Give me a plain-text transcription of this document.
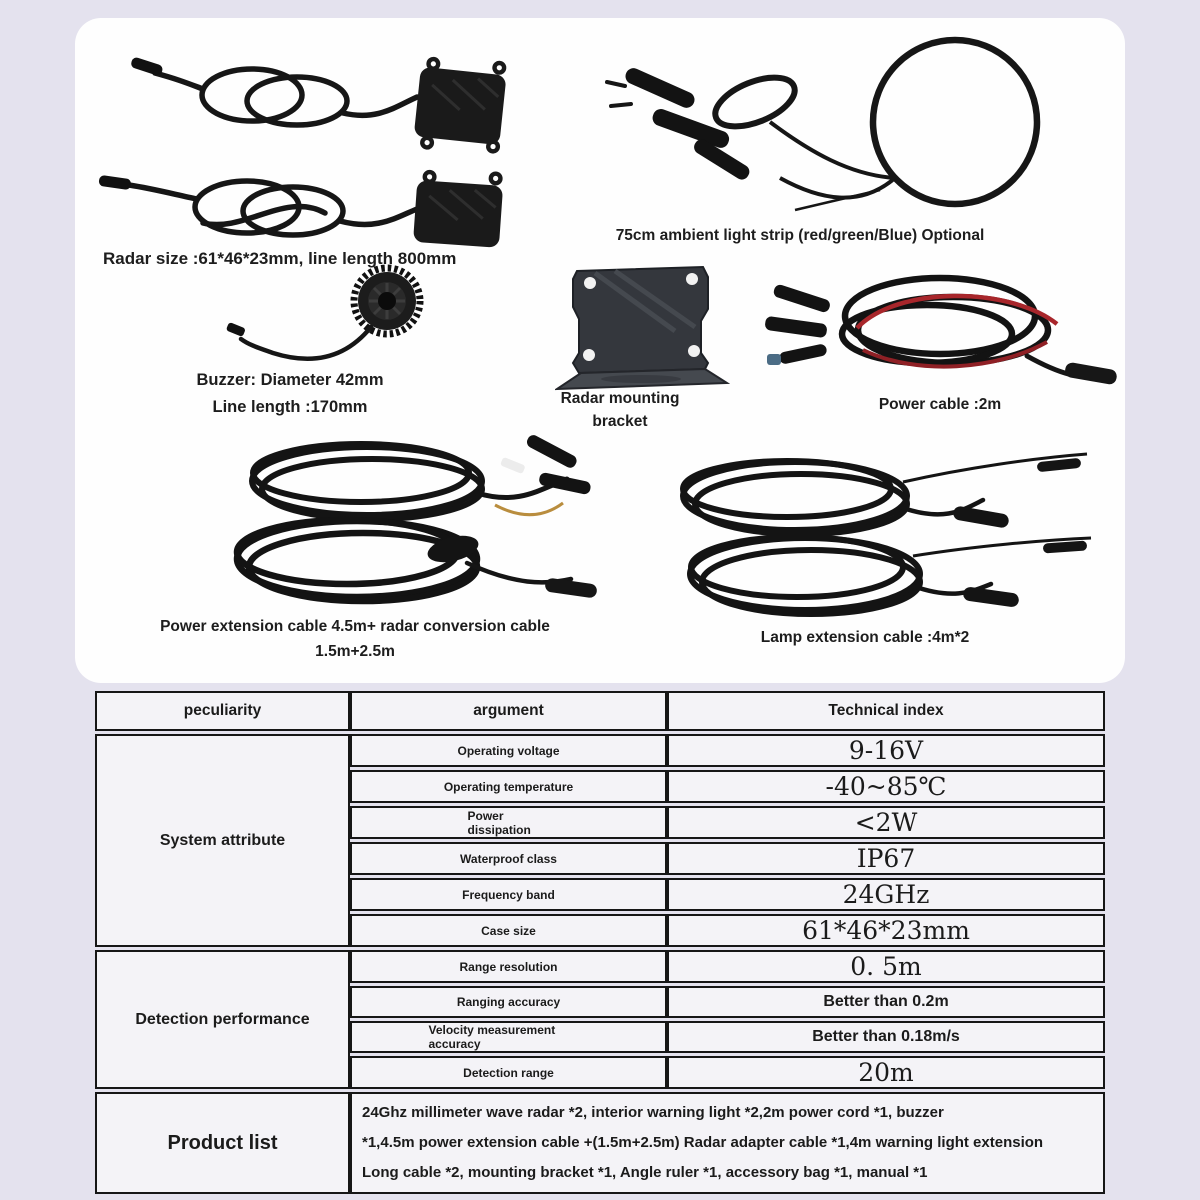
Radar size :61*46*23mm, line length 800mm
75cm ambient light strip (red/green/Blue) Optional
Buzzer: Diameter 42mm
Line length :170mm	Radar mounting
bracket
Power cable :2m
Power extension cable 4.5m+ radar conversion cable
1.5m+2.5m
Lamp extension cable :4m*2
peculiarity	argument	Technical index
System attribute	Operating voltage	9-16V
	Operating temperature	-40~85℃
	Power dissipation	<2W
	Waterproof class	IP67
	Frequency band	24GHz
	Case size	61*46*23mm
Detection performance	Range resolution	0. 5m
	Ranging accuracy	Better than 0.2m
	Velocity measurement accuracy	Better than 0.18m/s
	Detection range	20m
Product list	24Ghz millimeter wave radar *2, interior warning light *2,2m power cord *1, buzzer
*1,4.5m power extension cable +(1.5m+2.5m) Radar adapter cable *1,4m warning light extension
Long cable *2, mounting bracket *1, Angle ruler *1, accessory bag *1, manual *1	
